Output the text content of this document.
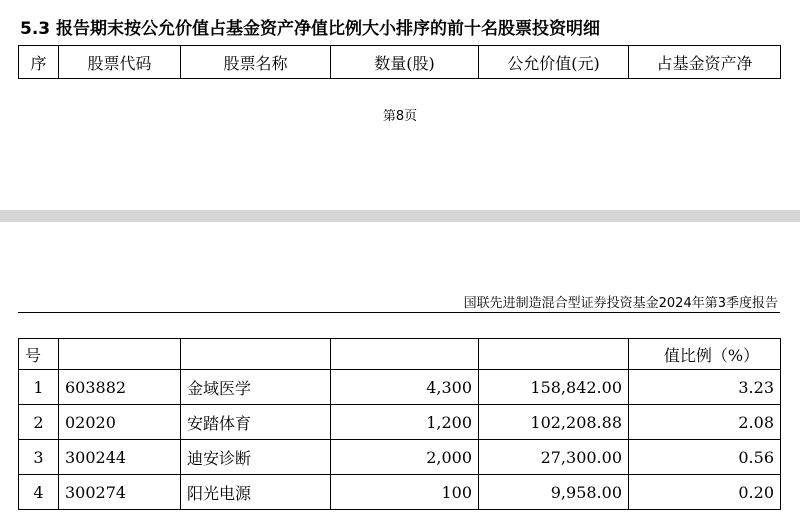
5.3 报告期末按公允价值占基金资产净值比例大小排序的前十名股票投资明细
序	股票代码	股票名称	数量(股)	公允价值(元)	占基金资产净
第8页
国联先进制造混合型证券投资基金2024年第3季度报告
号					值比例（%）
1	603882	金域医学	4,300	158,842.00	3.23
2	02020	安踏体育	1,200	102,208.88	2.08
3	300244	迪安诊断	2,000	27,300.00	0.56
4	300274	阳光电源	100	9,958.00	0.20
